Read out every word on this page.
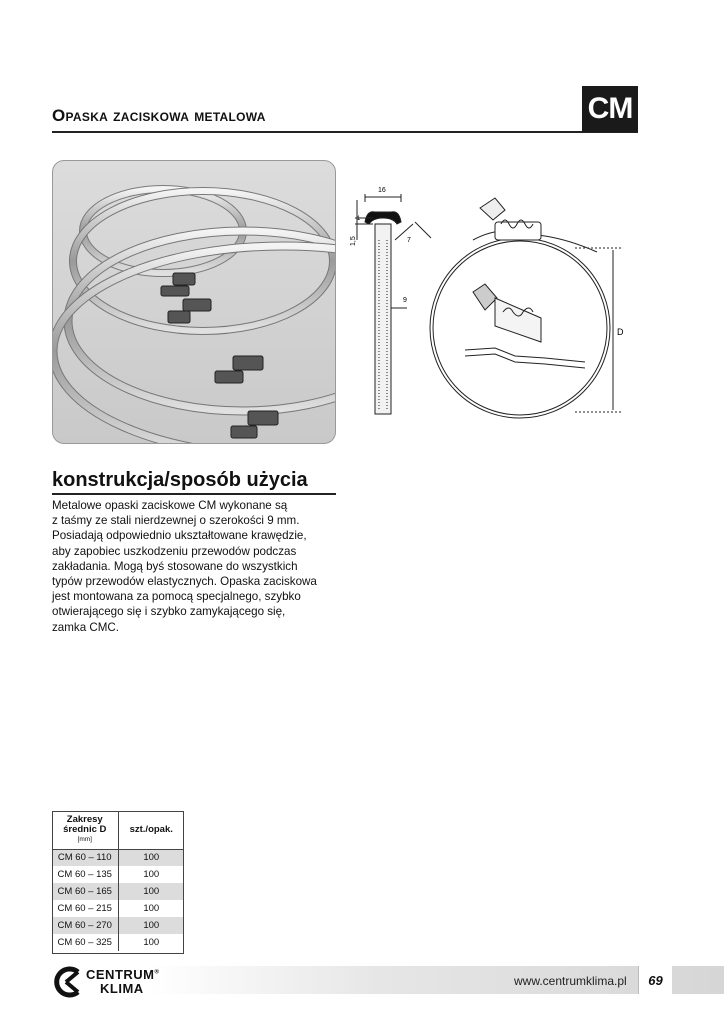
Opaska zaciskowa metalowa	CM
16
1,5
1
7
9
D
konstrukcja/sposób użycia
Metalowe opaski zaciskowe CM wykonane są
z taśmy ze stali nierdzewnej o szerokości 9 mm.
Posiadają odpowiednio ukształtowane krawędzie,
aby zapobiec uszkodzeniu przewodów podczas
zakładania. Mogą byś stosowane do wszystkich
typów przewodów elastycznych. Opaska zaciskowa
jest montowana za pomocą specjalnego, szybko
otwierającego się i szybko zamykającego się,
zamka CMC.
Zakresy
średnic D
[mm]	szt./opak.
CM 60 – 110	100
CM 60 – 135	100
CM 60 – 165	100
CM 60 – 215	100
CM 60 – 270	100
CM 60 – 325	100
CENTRUM®
KLIMA	www.centrumklima.pl	69
